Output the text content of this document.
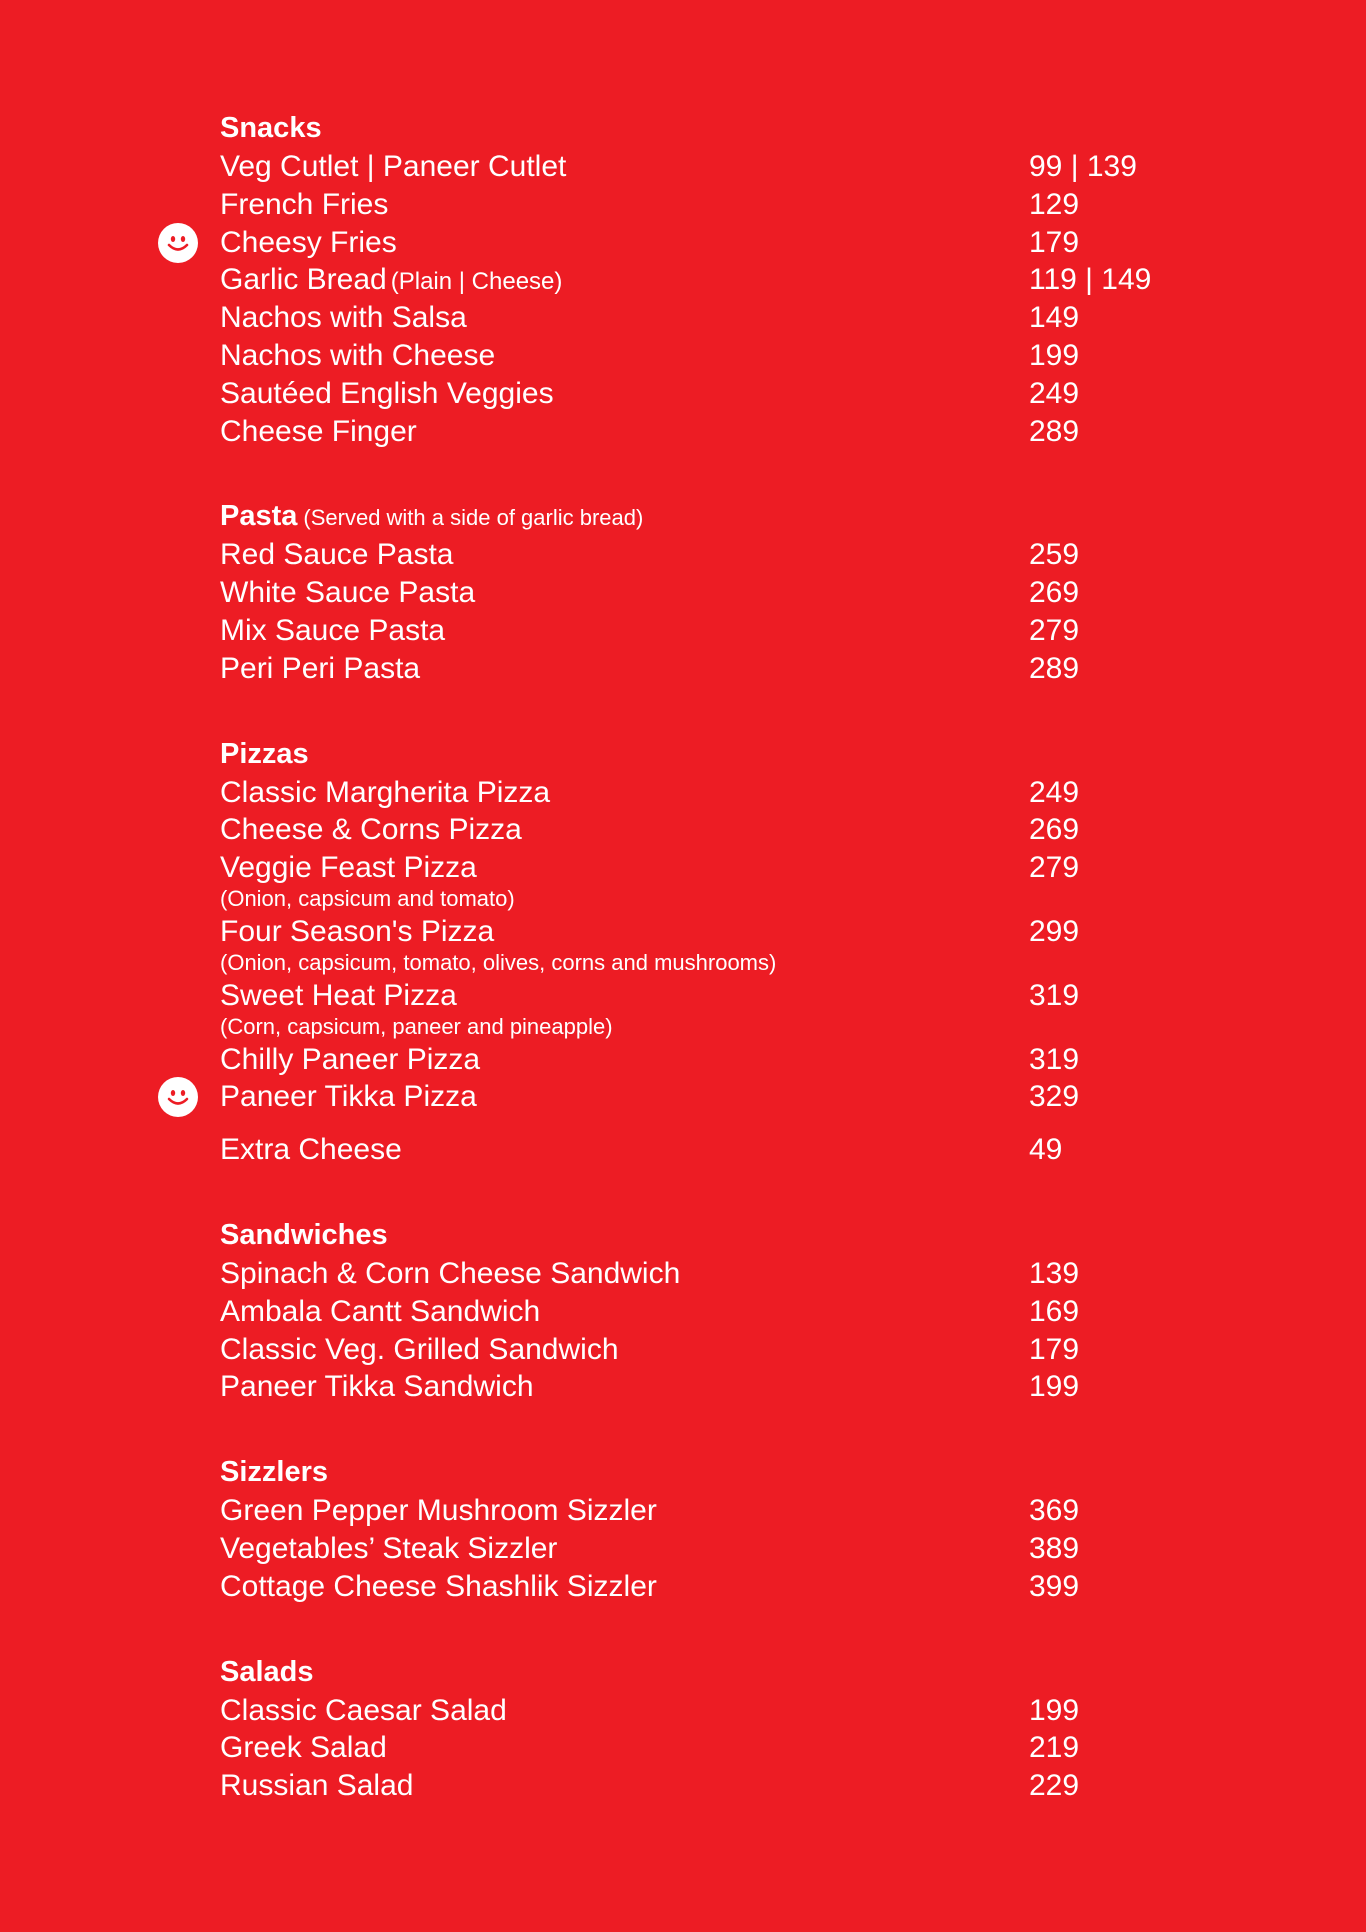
Snacks
Veg Cutlet | Paneer Cutlet	99 | 139
French Fries	129
Cheesy Fries	179
Garlic Bread (Plain | Cheese)	119 | 149
Nachos with Salsa	149
Nachos with Cheese	199
Sautéed English Veggies	249
Cheese Finger	289
Pasta (Served with a side of garlic bread)
Red Sauce Pasta	259
White Sauce Pasta	269
Mix Sauce Pasta	279
Peri Peri Pasta	289
Pizzas
Classic Margherita Pizza	249
Cheese & Corns Pizza	269
Veggie Feast Pizza	279
(Onion, capsicum and tomato)
Four Season's Pizza	299
(Onion, capsicum, tomato, olives, corns and mushrooms)
Sweet Heat Pizza	319
(Corn, capsicum, paneer and pineapple)
Chilly Paneer Pizza	319
Paneer Tikka Pizza	329
Extra Cheese	49
Sandwiches
Spinach & Corn Cheese Sandwich	139
Ambala Cantt Sandwich	169
Classic Veg. Grilled Sandwich	179
Paneer Tikka Sandwich	199
Sizzlers
Green Pepper Mushroom Sizzler	369
Vegetables’ Steak Sizzler	389
Cottage Cheese Shashlik Sizzler	399
Salads
Classic Caesar Salad	199
Greek Salad	219
Russian Salad	229
